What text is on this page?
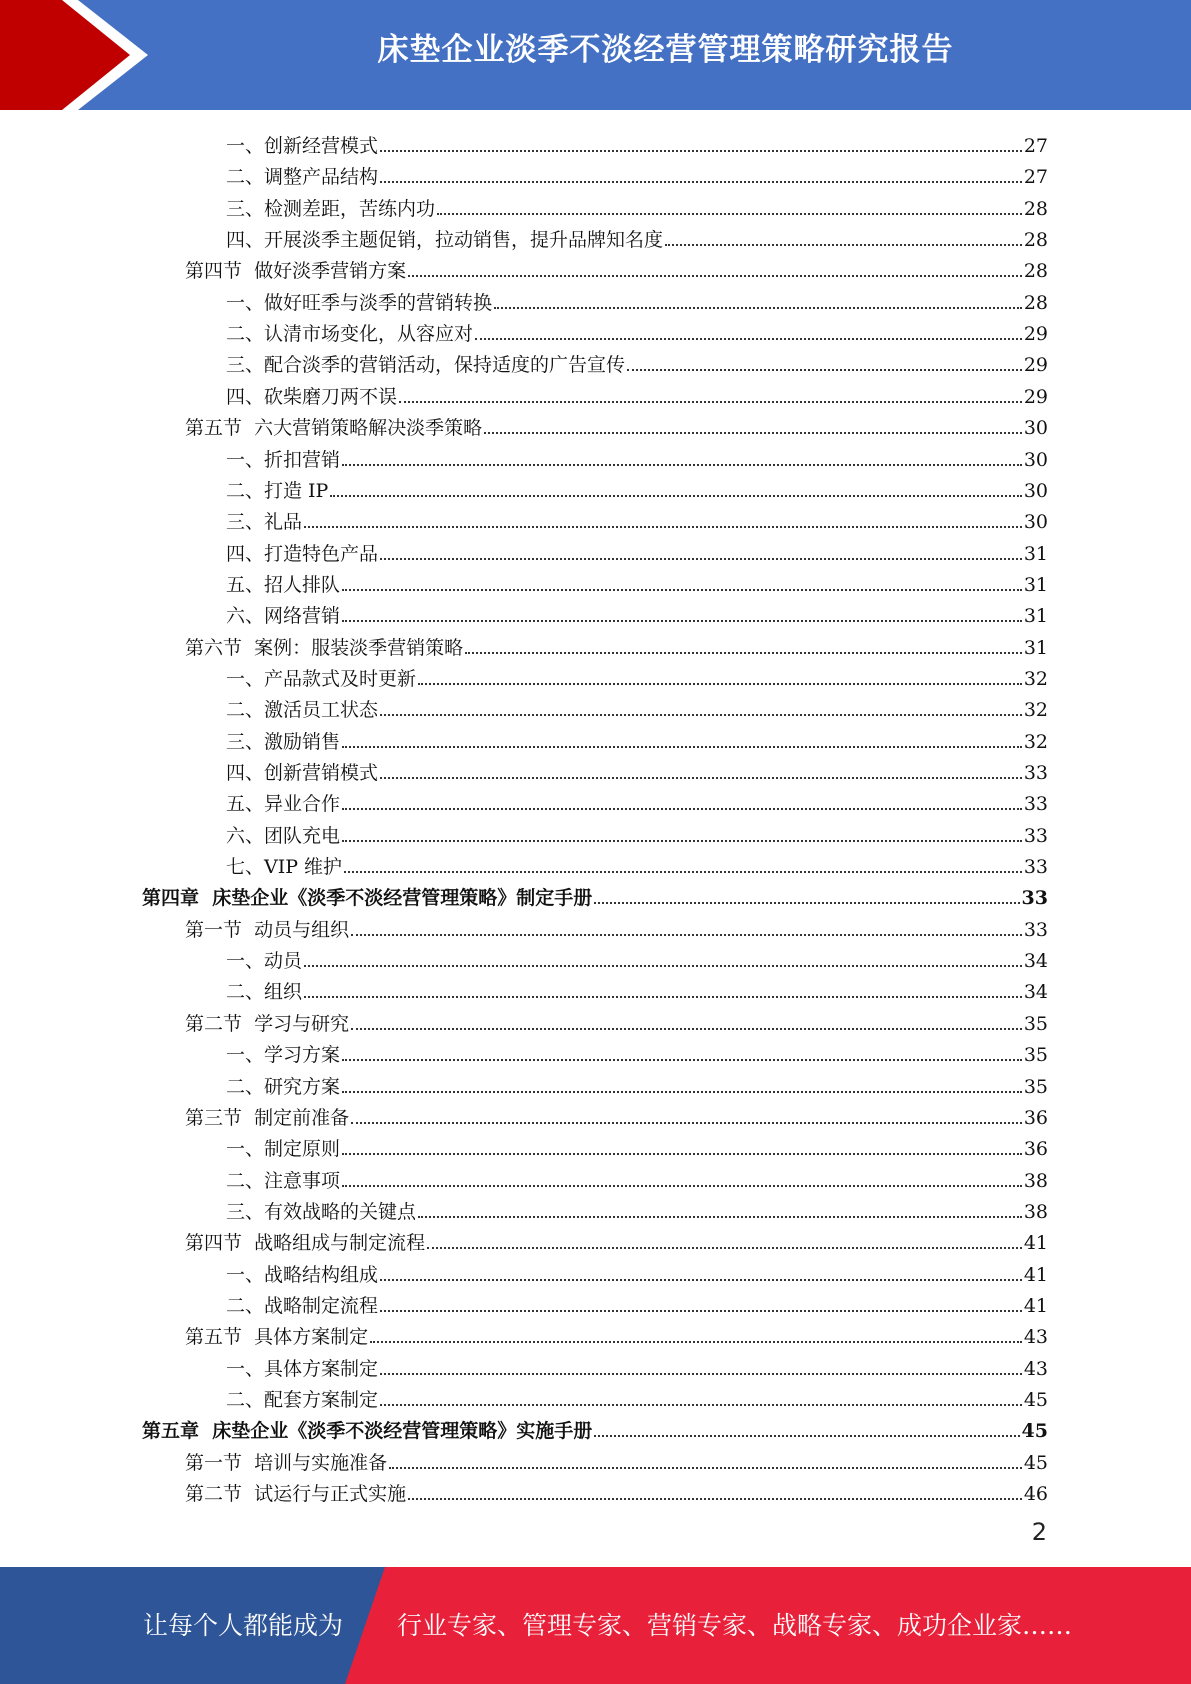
床垫企业淡季不淡经营管理策略研究报告
一、创新经营模式	27
二、调整产品结构	27
三、检测差距，苦练内功	28
四、开展淡季主题促销，拉动销售，提升品牌知名度	28
第四节  做好淡季营销方案	28
一、做好旺季与淡季的营销转换	28
二、认清市场变化，从容应对	29
三、配合淡季的营销活动，保持适度的广告宣传	29
四、砍柴磨刀两不误	29
第五节  六大营销策略解决淡季策略	30
一、折扣营销	30
二、打造 IP	30
三、礼品	30
四、打造特色产品	31
五、招人排队	31
六、网络营销	31
第六节  案例：服装淡季营销策略	31
一、产品款式及时更新	32
二、激活员工状态	32
三、激励销售	32
四、创新营销模式	33
五、异业合作	33
六、团队充电	33
七、VIP 维护	33
第四章  床垫企业《淡季不淡经营管理策略》制定手册	33
第一节  动员与组织	33
一、动员	34
二、组织	34
第二节  学习与研究	35
一、学习方案	35
二、研究方案	35
第三节  制定前准备	36
一、制定原则	36
二、注意事项	38
三、有效战略的关键点	38
第四节  战略组成与制定流程	41
一、战略结构组成	41
二、战略制定流程	41
第五节  具体方案制定	43
一、具体方案制定	43
二、配套方案制定	45
第五章  床垫企业《淡季不淡经营管理策略》实施手册	45
第一节  培训与实施准备	45
第二节  试运行与正式实施	46
2
让每个人都能成为 行业专家、管理专家、营销专家、战略专家、成功企业家……
